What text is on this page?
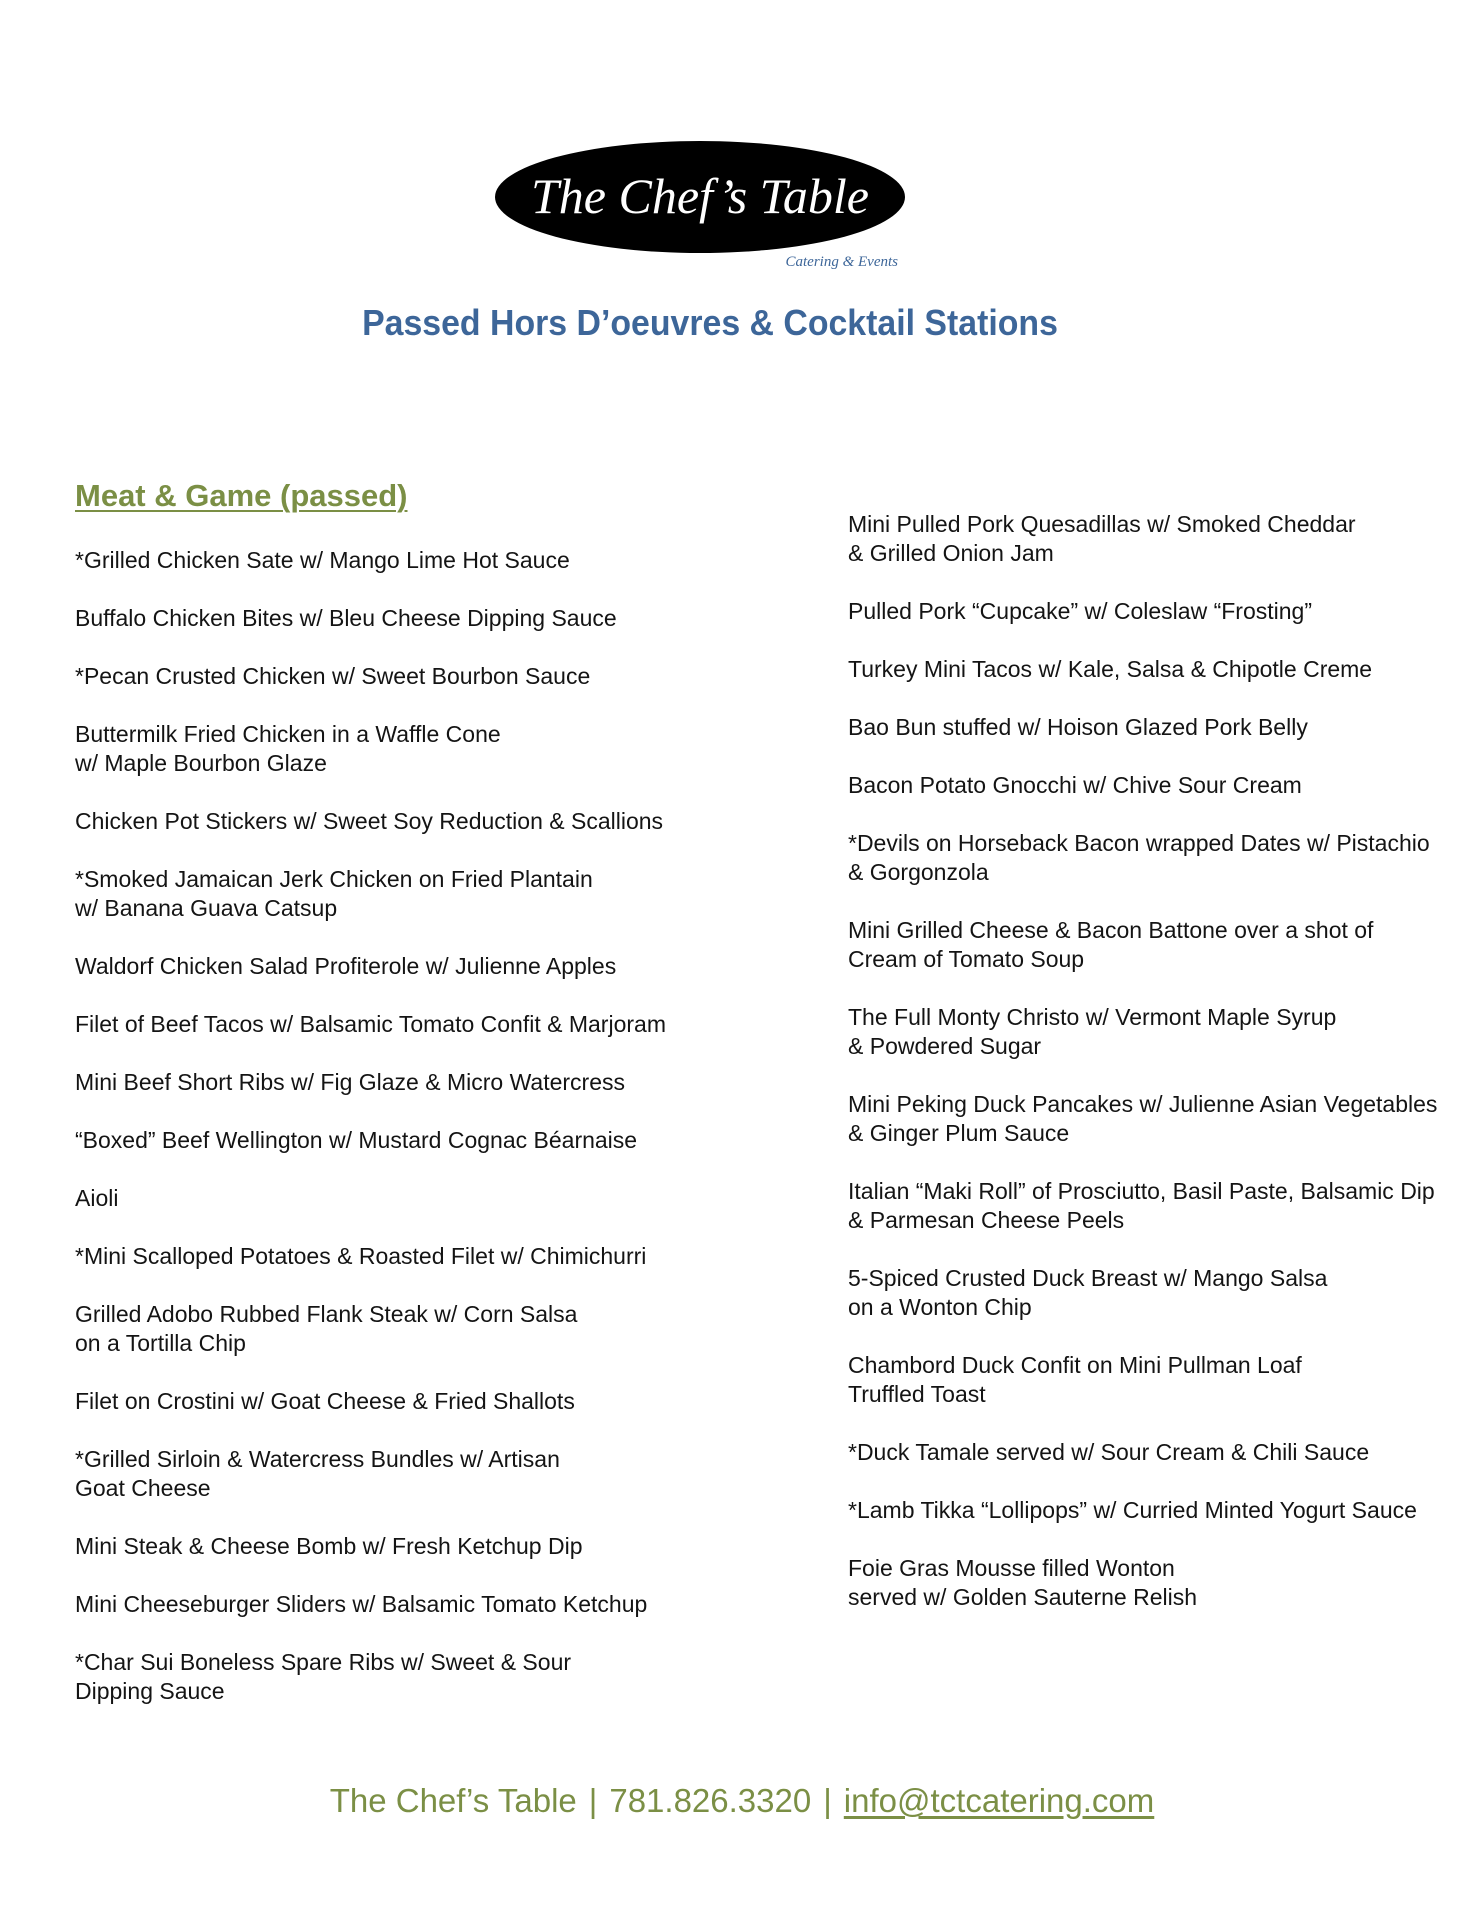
The Chef’s Table
Catering & Events
Passed Hors D’oeuvres & Cocktail Stations
Meat & Game (passed)
*Grilled Chicken Sate w/ Mango Lime Hot Sauce
Buffalo Chicken Bites w/ Bleu Cheese Dipping Sauce
*Pecan Crusted Chicken w/ Sweet Bourbon Sauce
Buttermilk Fried Chicken in a Waffle Cone
w/ Maple Bourbon Glaze
Chicken Pot Stickers w/ Sweet Soy Reduction & Scallions
*Smoked Jamaican Jerk Chicken on Fried Plantain
w/ Banana Guava Catsup
Waldorf Chicken Salad Profiterole w/ Julienne Apples
Filet of Beef Tacos w/ Balsamic Tomato Confit & Marjoram
Mini Beef Short Ribs w/ Fig Glaze & Micro Watercress
“Boxed” Beef Wellington w/ Mustard Cognac Béarnaise
Aioli
*Mini Scalloped Potatoes & Roasted Filet w/ Chimichurri
Grilled Adobo Rubbed Flank Steak w/ Corn Salsa
on a Tortilla Chip
Filet on Crostini w/ Goat Cheese & Fried Shallots
*Grilled Sirloin & Watercress Bundles w/ Artisan
Goat Cheese
Mini Steak & Cheese Bomb w/ Fresh Ketchup Dip
Mini Cheeseburger Sliders w/ Balsamic Tomato Ketchup
*Char Sui Boneless Spare Ribs w/ Sweet & Sour
Dipping Sauce
Mini Pulled Pork Quesadillas w/ Smoked Cheddar
& Grilled Onion Jam
Pulled Pork “Cupcake” w/ Coleslaw “Frosting”
Turkey Mini Tacos w/ Kale, Salsa & Chipotle Creme
Bao Bun stuffed w/ Hoison Glazed Pork Belly
Bacon Potato Gnocchi w/ Chive Sour Cream
*Devils on Horseback Bacon wrapped Dates w/ Pistachio
& Gorgonzola
Mini Grilled Cheese & Bacon Battone over a shot of
Cream of Tomato Soup
The Full Monty Christo w/ Vermont Maple Syrup
& Powdered Sugar
Mini Peking Duck Pancakes w/ Julienne Asian Vegetables
& Ginger Plum Sauce
Italian “Maki Roll” of Prosciutto, Basil Paste, Balsamic Dip
& Parmesan Cheese Peels
5-Spiced Crusted Duck Breast w/ Mango Salsa
on a Wonton Chip
Chambord Duck Confit on Mini Pullman Loaf
Truffled Toast
*Duck Tamale served w/ Sour Cream & Chili Sauce
*Lamb Tikka “Lollipops” w/ Curried Minted Yogurt Sauce
Foie Gras Mousse filled Wonton
served w/ Golden Sauterne Relish
The Chef’s Table | 781.826.3320 | info@tctcatering.com
